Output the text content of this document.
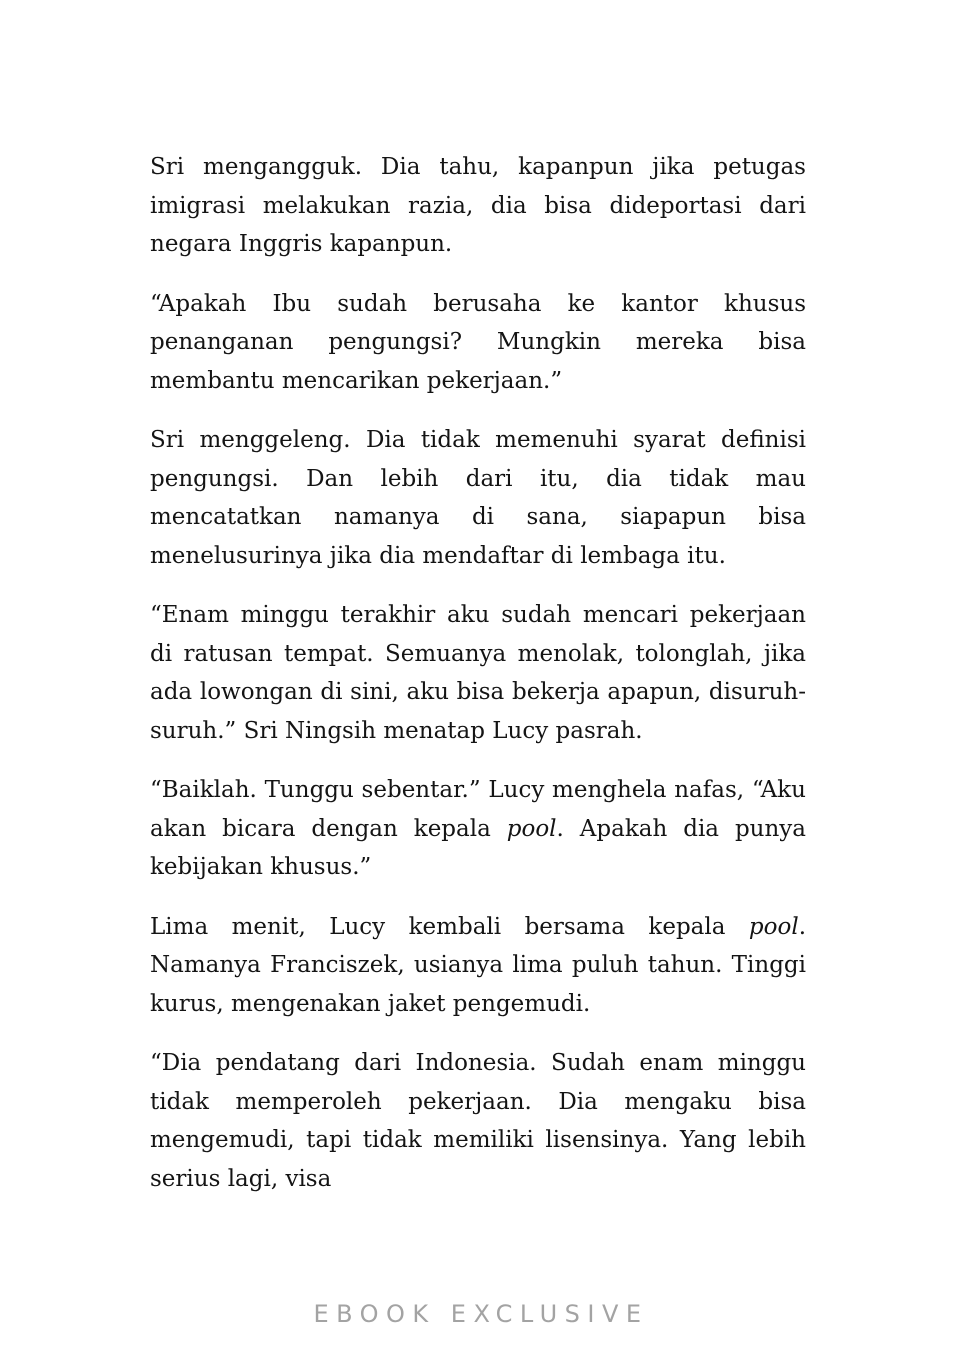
Sri mengangguk. Dia tahu, kapanpun jika petugas imigrasi melakukan razia, dia bisa dideportasi dari negara Inggris kapanpun.

“Apakah Ibu sudah berusaha ke kantor khusus penanganan pengungsi? Mungkin mereka bisa membantu mencarikan pekerjaan.”

Sri menggeleng. Dia tidak memenuhi syarat definisi pengungsi. Dan lebih dari itu, dia tidak mau mencatatkan namanya di sana, siapapun bisa menelusurinya jika dia mendaftar di lembaga itu.

“Enam minggu terakhir aku sudah mencari pekerjaan di ratusan tempat. Semuanya menolak, tolonglah, jika ada lowongan di sini, aku bisa bekerja apapun, disuruh-suruh.” Sri Ningsih menatap Lucy pasrah.

“Baiklah. Tunggu sebentar.” Lucy menghela nafas, “Aku akan bicara dengan kepala pool. Apakah dia punya kebijakan khusus.”

Lima menit, Lucy kembali bersama kepala pool. Namanya Franciszek, usianya lima puluh tahun. Tinggi kurus, mengenakan jaket pengemudi.

“Dia pendatang dari Indonesia. Sudah enam minggu tidak memperoleh pekerjaan. Dia mengaku bisa mengemudi, tapi tidak memiliki lisensinya. Yang lebih serius lagi, visa

EBOOK EXCLUSIVE
